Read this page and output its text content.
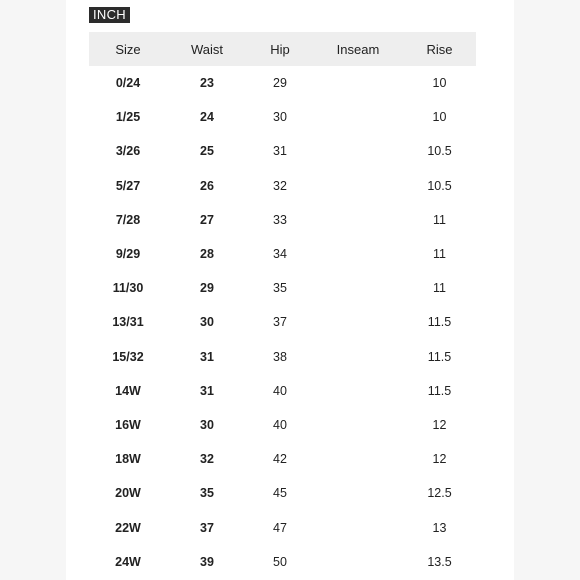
INCH
Size	Waist	Hip	Inseam	Rise
0/24	23	29		10
1/25	24	30		10
3/26	25	31		10.5
5/27	26	32		10.5
7/28	27	33		11
9/29	28	34		11
11/30	29	35		11
13/31	30	37		11.5
15/32	31	38		11.5
14W	31	40		11.5
16W	30	40		12
18W	32	42		12
20W	35	45		12.5
22W	37	47		13
24W	39	50		13.5
